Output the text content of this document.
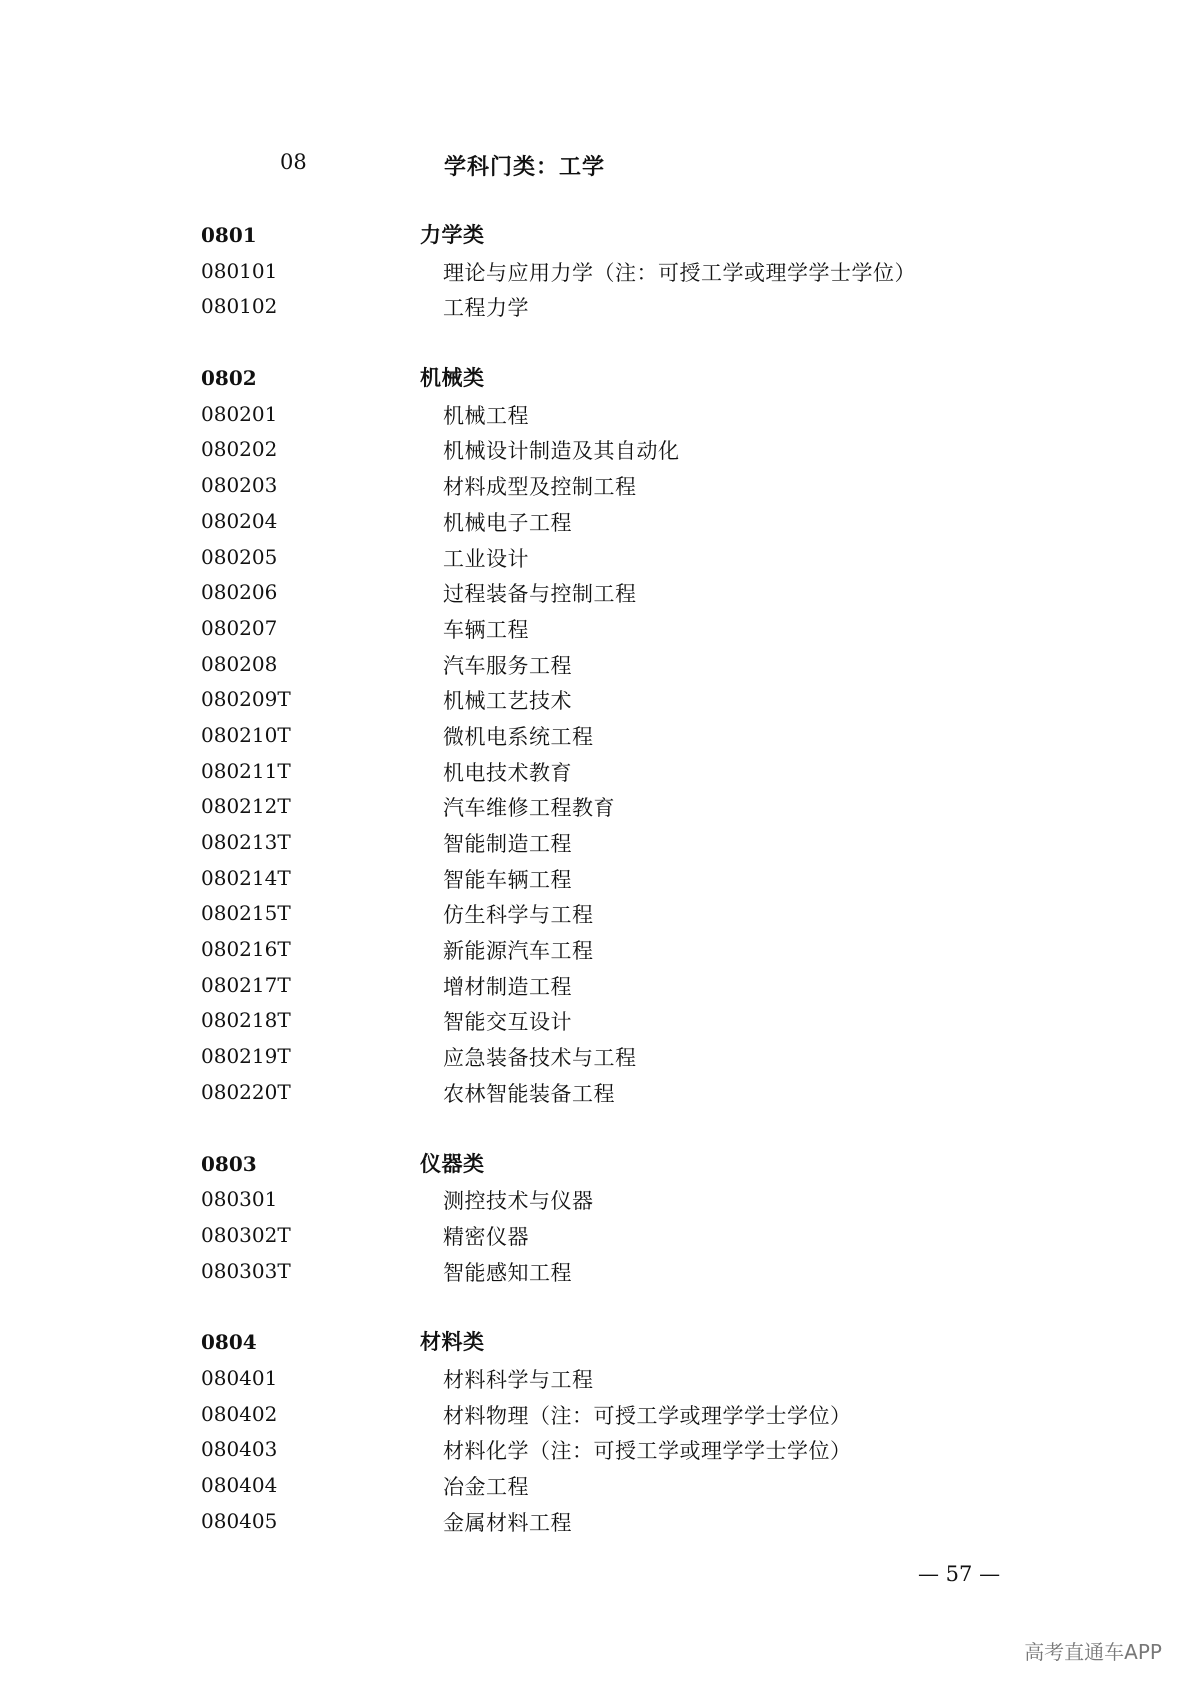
08	学科门类：工学
0801	力学类
080101	理论与应用力学（注：可授工学或理学学士学位）
080102	工程力学
0802	机械类
080201	机械工程
080202	机械设计制造及其自动化
080203	材料成型及控制工程
080204	机械电子工程
080205	工业设计
080206	过程装备与控制工程
080207	车辆工程
080208	汽车服务工程
080209T	机械工艺技术
080210T	微机电系统工程
080211T	机电技术教育
080212T	汽车维修工程教育
080213T	智能制造工程
080214T	智能车辆工程
080215T	仿生科学与工程
080216T	新能源汽车工程
080217T	增材制造工程
080218T	智能交互设计
080219T	应急装备技术与工程
080220T	农林智能装备工程
0803	仪器类
080301	测控技术与仪器
080302T	精密仪器
080303T	智能感知工程
0804	材料类
080401	材料科学与工程
080402	材料物理（注：可授工学或理学学士学位）
080403	材料化学（注：可授工学或理学学士学位）
080404	冶金工程
080405	金属材料工程
— 57 —
高考直通车APP
